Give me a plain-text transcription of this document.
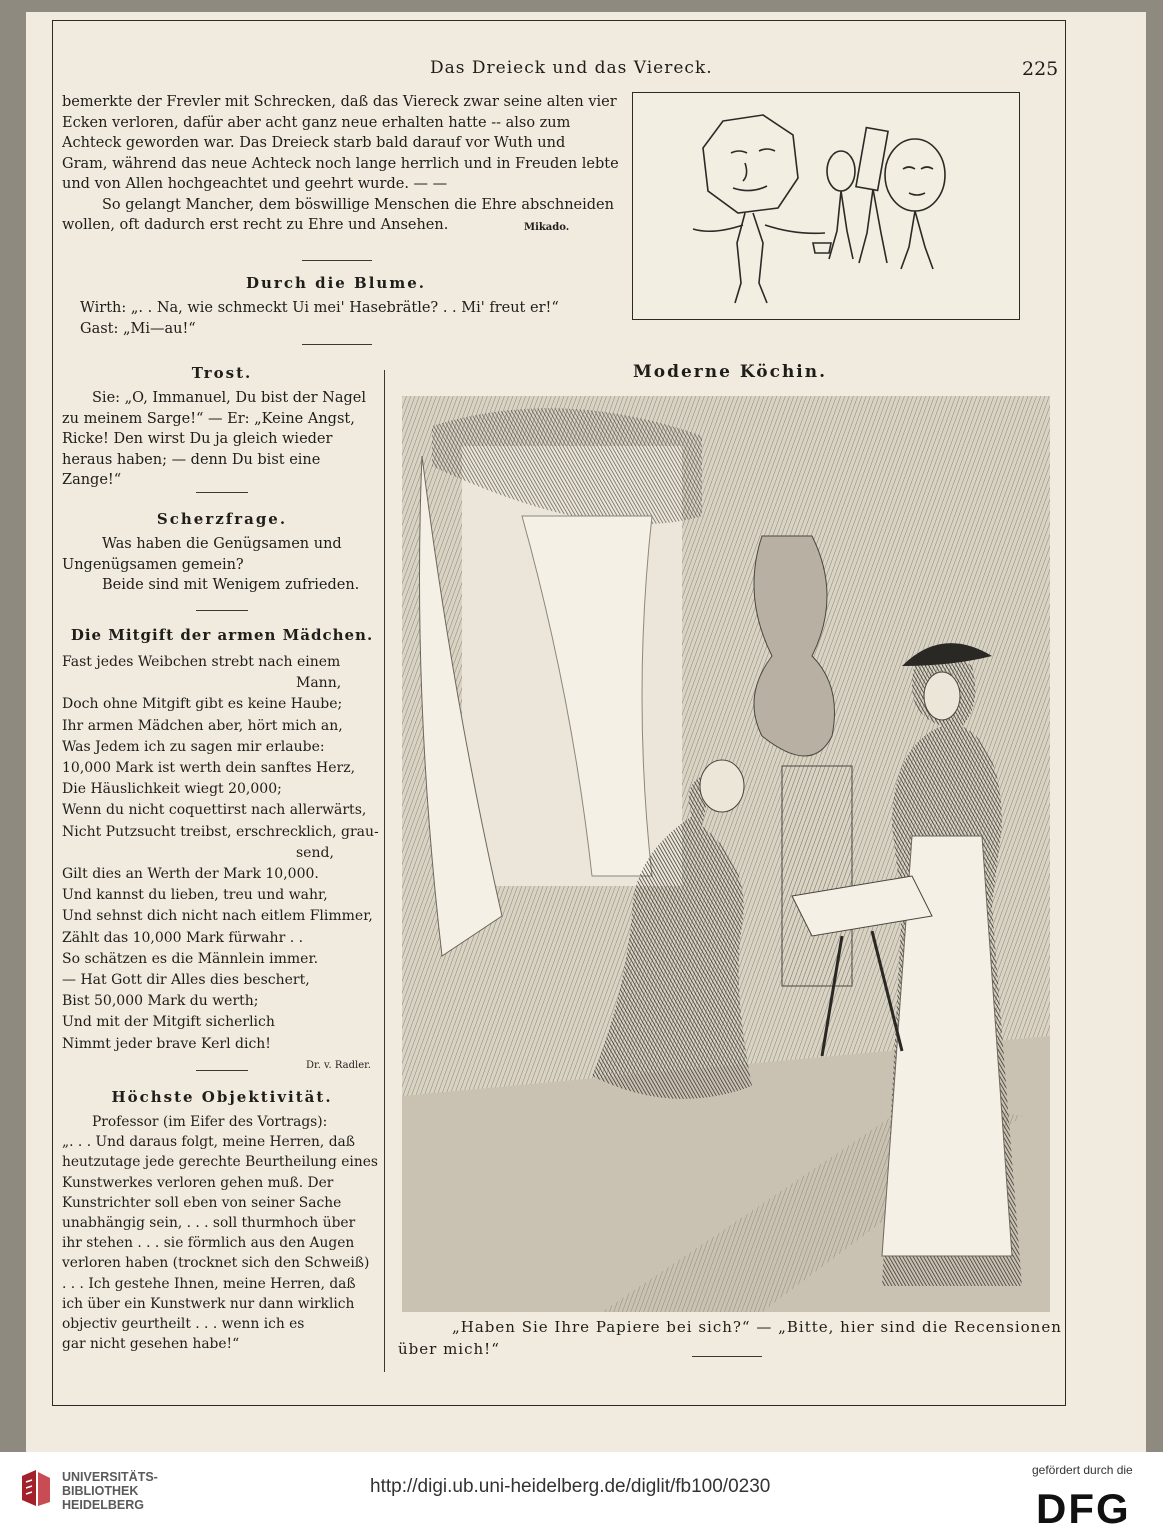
Das Dreieck und das Viereck.	225
bemerkte der Frevler mit Schrecken, daß das Viereck zwar seine alten vier
Ecken verloren, dafür aber acht ganz neue erhalten hatte -- also zum
Achteck geworden war. Das Dreieck starb bald darauf vor Wuth und
Gram, während das neue Achteck noch lange herrlich und in Freuden lebte
und von Allen hochgeachtet und geehrt wurde. — —
So gelangt Mancher, dem böswillige Menschen die Ehre abschneiden
wollen, oft dadurch erst recht zu Ehre und Ansehen.	Mikado.
Durch die Blume.
Wirth: „. . Na, wie schmeckt Ui mei' Hasebrätle? . . Mi' freut er!“
Gast: „Mi—au!“
Trost.
Sie: „O, Immanuel, Du bist der Nagel
zu meinem Sarge!“ — Er: „Keine Angst,
Ricke! Den wirst Du ja gleich wieder
heraus haben; — denn Du bist eine
Zange!“
Scherzfrage.
Was haben die Genügsamen und
Ungenügsamen gemein?
Beide sind mit Wenigem zufrieden.
Die Mitgift der armen Mädchen.
Fast jedes Weibchen strebt nach einem
Mann,
Doch ohne Mitgift gibt es keine Haube;
Ihr armen Mädchen aber, hört mich an,
Was Jedem ich zu sagen mir erlaube:
10,000 Mark ist werth dein sanftes Herz,
Die Häuslichkeit wiegt 20,000;
Wenn du nicht coquettirst nach allerwärts,
Nicht Putzsucht treibst, erschrecklich, grau-
send,
Gilt dies an Werth der Mark 10,000.
Und kannst du lieben, treu und wahr,
Und sehnst dich nicht nach eitlem Flimmer,
Zählt das 10,000 Mark fürwahr . .
So schätzen es die Männlein immer.
— Hat Gott dir Alles dies beschert,
Bist 50,000 Mark du werth;
Und mit der Mitgift sicherlich
Nimmt jeder brave Kerl dich!
Dr. v. Radler.
Höchste Objektivität.
Professor (im Eifer des Vortrags):
„. . . Und daraus folgt, meine Herren, daß
heutzutage jede gerechte Beurtheilung eines
Kunstwerkes verloren gehen muß. Der
Kunstrichter soll eben von seiner Sache
unabhängig sein, . . . soll thurmhoch über
ihr stehen . . . sie förmlich aus den Augen
verloren haben (trocknet sich den Schweiß)
. . . Ich gestehe Ihnen, meine Herren, daß
ich über ein Kunstwerk nur dann wirklich
objectiv geurtheilt . . . wenn ich es
gar nicht gesehen habe!“
Moderne Köchin.
„Haben Sie Ihre Papiere bei sich?“ — „Bitte, hier sind die Recensionen
über mich!“
UNIVERSITÄTS-
BIBLIOTHEK
HEIDELBERG
http://digi.ub.uni-heidelberg.de/diglit/fb100/0230
gefördert durch die
DFG
